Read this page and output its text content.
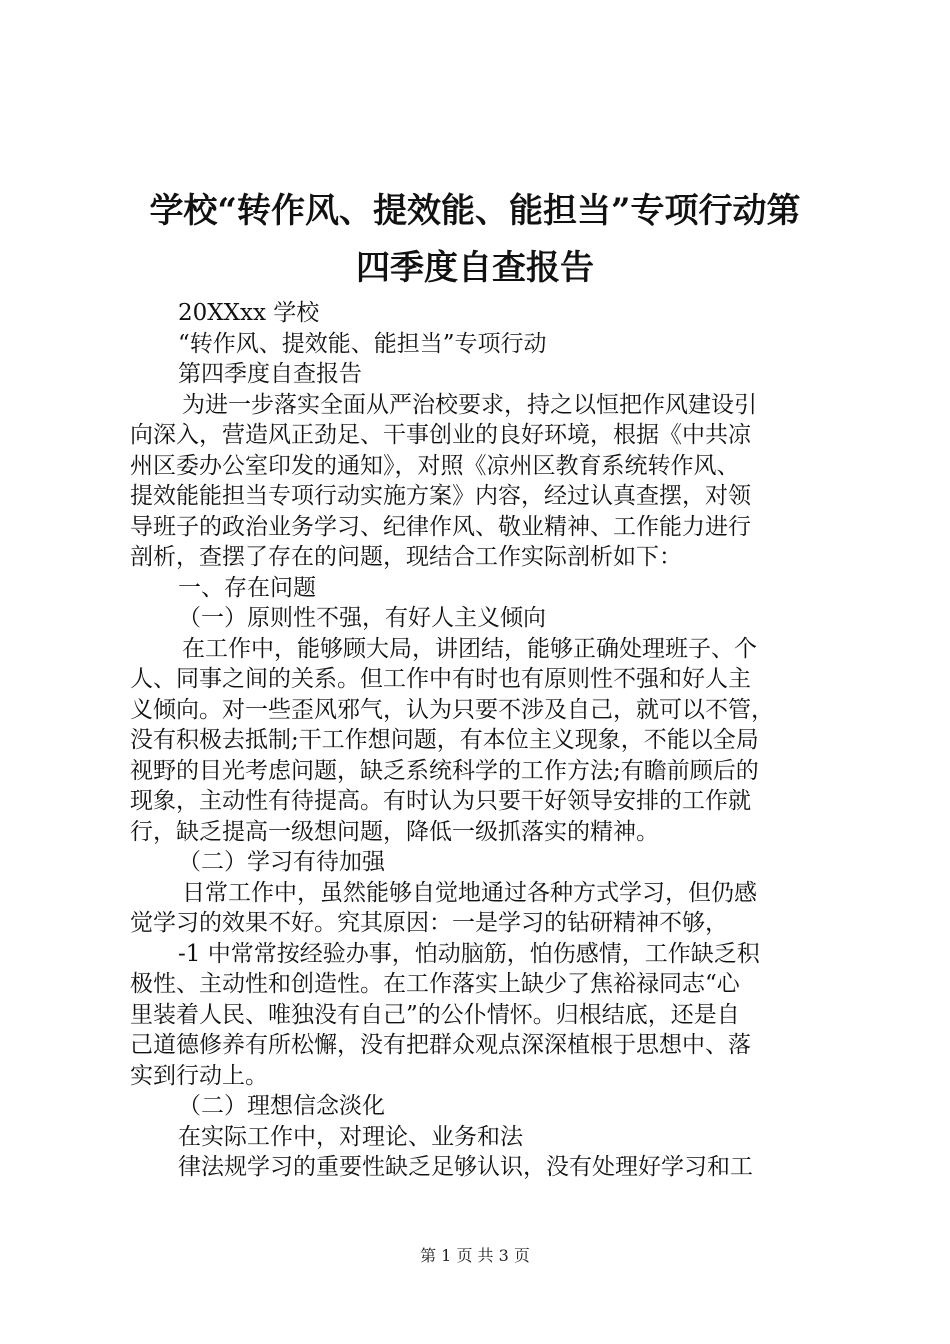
学校“转作风、提效能、能担当”专项行动第
四季度自查报告
20XXxx 学校
“转作风、提效能、能担当”专项行动
第四季度自查报告
为进一步落实全面从严治校要求，持之以恒把作风建设引
向深入，营造风正劲足、干事创业的良好环境，根据《中共凉
州区委办公室印发的通知》，对照《凉州区教育系统转作风、
提效能能担当专项行动实施方案》内容，经过认真查摆，对领
导班子的政治业务学习、纪律作风、敬业精神、工作能力进行
剖析，查摆了存在的问题，现结合工作实际剖析如下：
一、存在问题
（一）原则性不强，有好人主义倾向
在工作中，能够顾大局，讲团结，能够正确处理班子、个
人、同事之间的关系。但工作中有时也有原则性不强和好人主
义倾向。对一些歪风邪气，认为只要不涉及自己，就可以不管，
没有积极去抵制;干工作想问题，有本位主义现象，不能以全局
视野的目光考虑问题，缺乏系统科学的工作方法;有瞻前顾后的
现象，主动性有待提高。有时认为只要干好领导安排的工作就
行，缺乏提高一级想问题，降低一级抓落实的精神。
（二）学习有待加强
日常工作中，虽然能够自觉地通过各种方式学习，但仍感
觉学习的效果不好。究其原因：一是学习的钻研精神不够，
-1 中常常按经验办事，怕动脑筋，怕伤感情，工作缺乏积
极性、主动性和创造性。在工作落实上缺少了焦裕禄同志“心
里装着人民、唯独没有自己”的公仆情怀。归根结底，还是自
己道德修养有所松懈，没有把群众观点深深植根于思想中、落
实到行动上。
（二）理想信念淡化
在实际工作中，对理论、业务和法
律法规学习的重要性缺乏足够认识，没有处理好学习和工
第 1 页 共 3 页
